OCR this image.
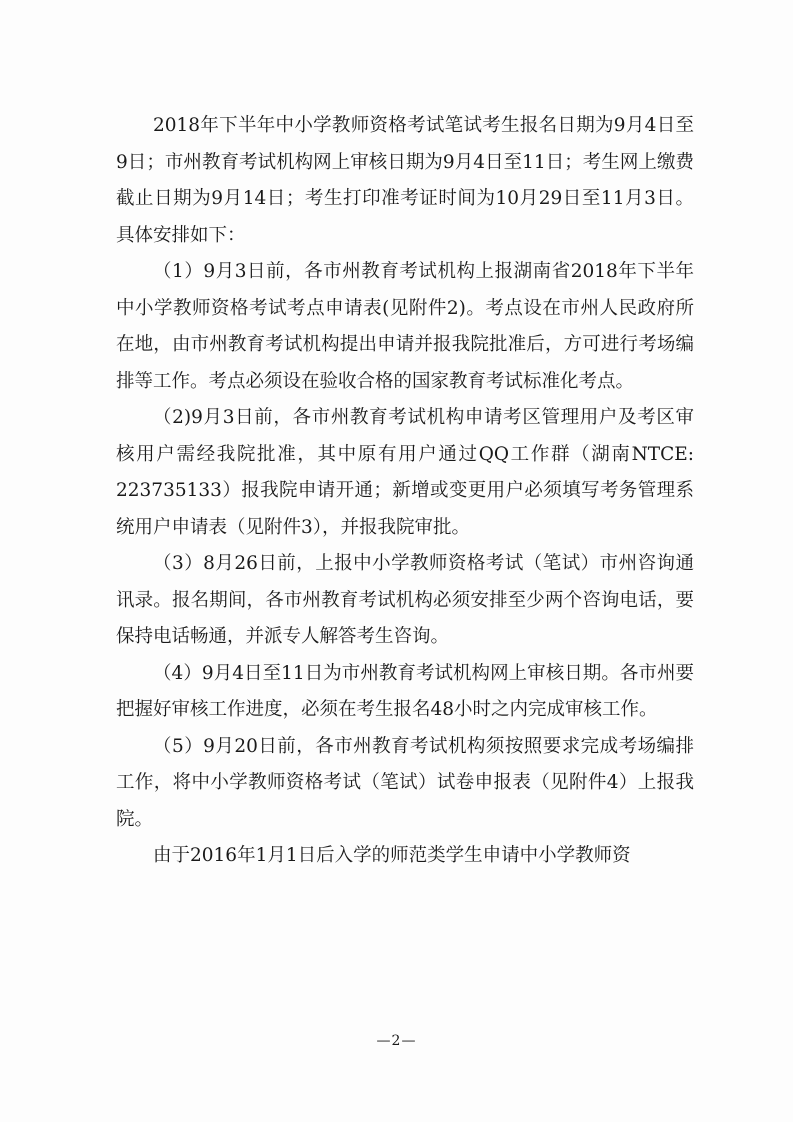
2018年下半年中小学教师资格考试笔试考生报名日期为9月4日至9日；市州教育考试机构网上审核日期为9月4日至11日；考生网上缴费截止日期为9月14日；考生打印准考证时间为10月29日至11月3日。具体安排如下：

（1）9月3日前，各市州教育考试机构上报湖南省2018年下半年中小学教师资格考试考点申请表(见附件2)。考点设在市州人民政府所在地，由市州教育考试机构提出申请并报我院批准后，方可进行考场编排等工作。考点必须设在验收合格的国家教育考试标准化考点。

（2)9月3日前，各市州教育考试机构申请考区管理用户及考区审核用户需经我院批准，其中原有用户通过QQ工作群（湖南NTCE: 223735133）报我院申请开通；新增或变更用户必须填写考务管理系统用户申请表（见附件3），并报我院审批。

（3）8月26日前，上报中小学教师资格考试（笔试）市州咨询通讯录。报名期间，各市州教育考试机构必须安排至少两个咨询电话，要保持电话畅通，并派专人解答考生咨询。

（4）9月4日至11日为市州教育考试机构网上审核日期。各市州要把握好审核工作进度，必须在考生报名48小时之内完成审核工作。

（5）9月20日前，各市州教育考试机构须按照要求完成考场编排工作，将中小学教师资格考试（笔试）试卷申报表（见附件4）上报我院。

由于2016年1月1日后入学的师范类学生申请中小学教师资

—2—
